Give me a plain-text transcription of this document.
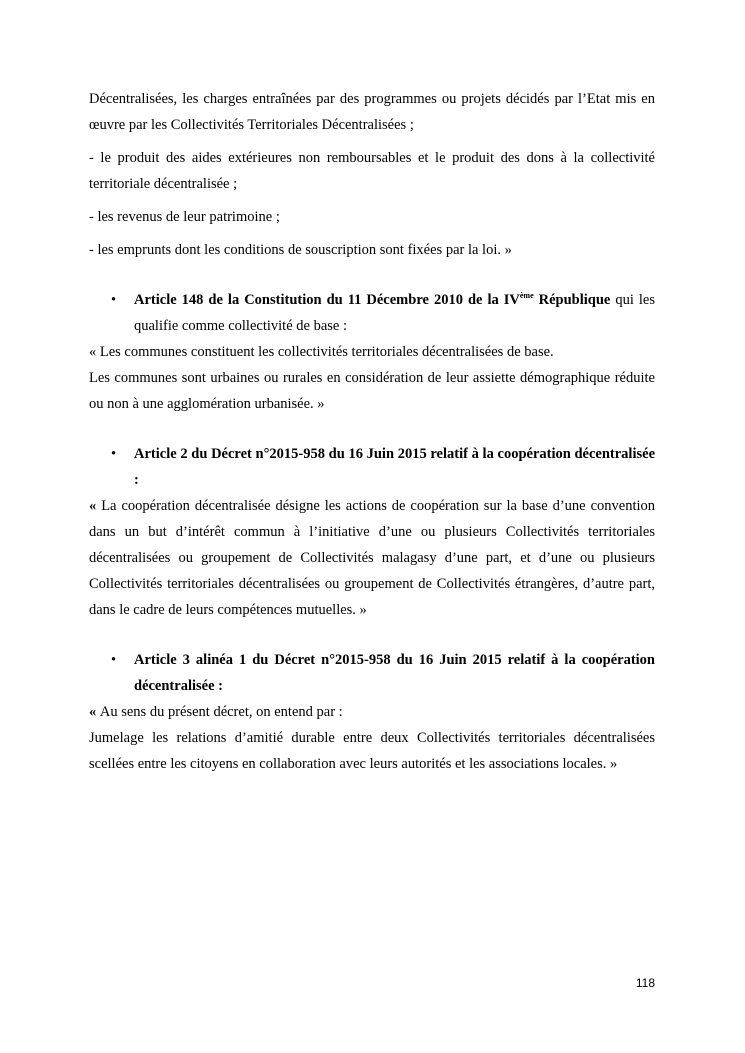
Décentralisées, les charges entraînées par des programmes ou projets décidés par l’Etat mis en œuvre par les Collectivités Territoriales Décentralisées ;

- le produit des aides extérieures non remboursables et le produit des dons à la collectivité territoriale décentralisée ;

- les revenus de leur patrimoine ;

- les emprunts dont les conditions de souscription sont fixées par la loi. »

•	Article 148 de la Constitution du 11 Décembre 2010 de la IVème République qui les qualifie comme collectivité de base :

« Les communes constituent les collectivités territoriales décentralisées de base.

Les communes sont urbaines ou rurales en considération de leur assiette démographique réduite ou non à une agglomération urbanisée. »

•	Article 2 du Décret n°2015-958 du 16 Juin 2015 relatif à la coopération décentralisée :

« La coopération décentralisée désigne les actions de coopération sur la base d’une convention dans un but d’intérêt commun à l’initiative d’une ou plusieurs Collectivités territoriales décentralisées ou groupement de Collectivités malagasy d’une part, et d’une ou plusieurs Collectivités territoriales décentralisées ou groupement de Collectivités étrangères, d’autre part, dans le cadre de leurs compétences mutuelles. »

•	Article 3 alinéa 1 du Décret n°2015-958 du 16 Juin 2015 relatif à la coopération décentralisée :

« Au sens du présent décret, on entend par :

Jumelage les relations d’amitié durable entre deux Collectivités territoriales décentralisées scellées entre les citoyens en collaboration avec leurs autorités et les associations locales. »

118
